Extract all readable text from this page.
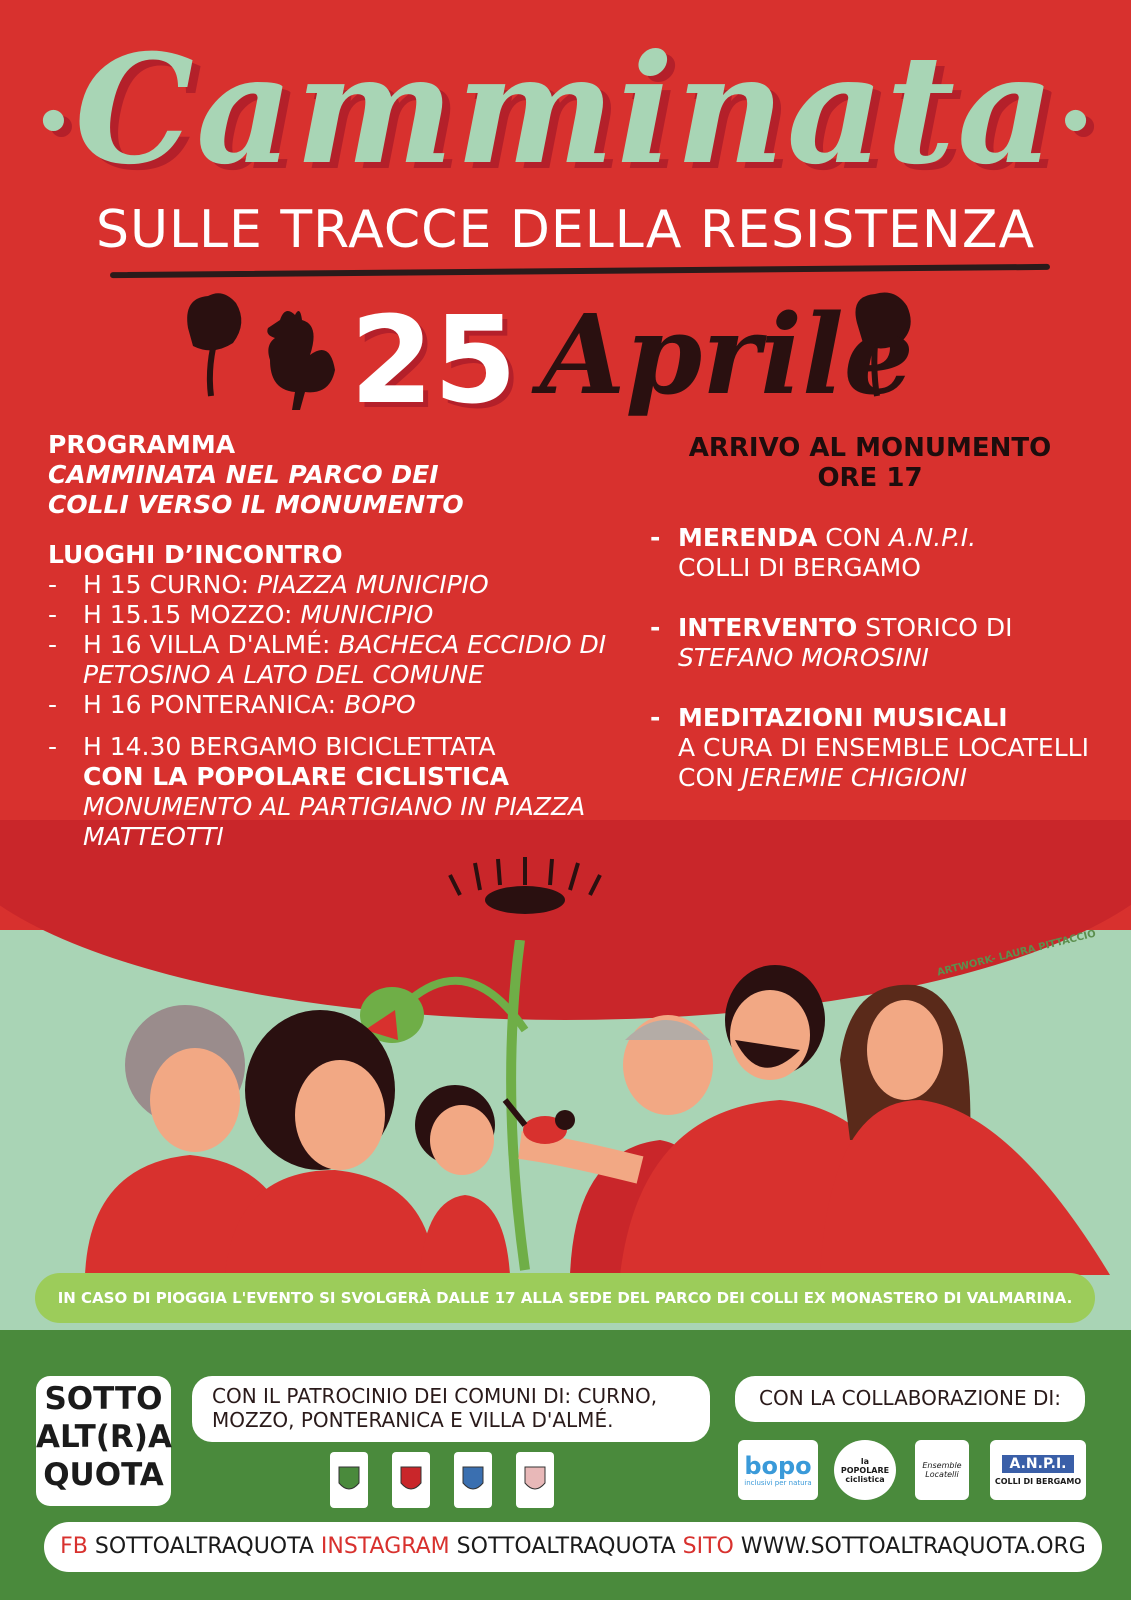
•Camminata•
SULLE TRACCE DELLA RESISTENZA
25 Aprile
PROGRAMMA
CAMMINATA NEL PARCO DEI
COLLI VERSO IL MONUMENTO
LUOGHI D’INCONTRO
-	H 15 CURNO: PIAZZA MUNICIPIO
-	H 15.15 MOZZO: MUNICIPIO
-	H 16 VILLA D'ALMÉ: BACHECA ECCIDIO DI PETOSINO A LATO DEL COMUNE
-	H 16 PONTERANICA: BOPO
-	H 14.30 BERGAMO BICICLETTATA
CON LA POPOLARE CICLISTICA
MONUMENTO AL PARTIGIANO IN PIAZZA MATTEOTTI
ARRIVO AL MONUMENTO
ORE 17
- MERENDA CON A.N.P.I.
COLLI DI BERGAMO
- INTERVENTO STORICO DI
STEFANO MOROSINI
- MEDITAZIONI MUSICALI
A CURA DI ENSEMBLE LOCATELLI CON JEREMIE CHIGIONI
ARTWORK- LAURA PITTACCIO
IN CASO DI PIOGGIA L'EVENTO SI SVOLGERÀ DALLE 17 ALLA SEDE DEL PARCO DEI COLLI EX MONASTERO DI VALMARINA.
SOTTO
ALT(R)A
QUOTA
CON IL PATROCINIO DEI COMUNI DI: CURNO, MOZZO, PONTERANICA E VILLA D'ALMÉ.
CON LA COLLABORAZIONE DI:
bopo
inclusivi per natura
la POPOLARE ciclistica
Ensemble Locatelli
A.N.P.I.
COLLI DI BERGAMO
FB SOTTOALTRAQUOTA INSTAGRAM SOTTOALTRAQUOTA SITO WWW.SOTTOALTRAQUOTA.ORG
